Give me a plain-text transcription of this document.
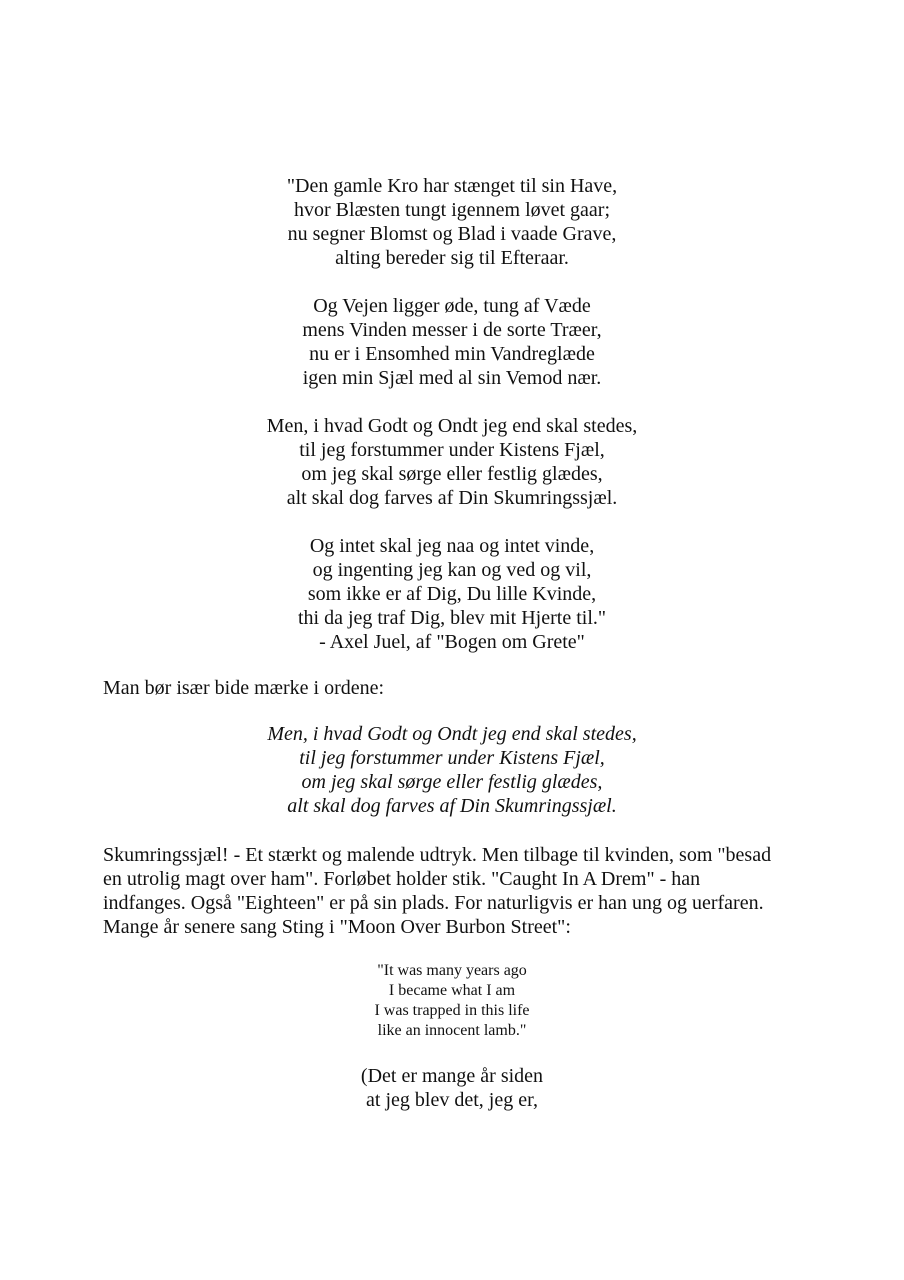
"Den gamle Kro har stænget til sin Have,
hvor Blæsten tungt igennem løvet gaar;
nu segner Blomst og Blad i vaade Grave,
alting bereder sig til Efteraar.
Og Vejen ligger øde, tung af Væde
mens Vinden messer i de sorte Træer,
nu er i Ensomhed min Vandreglæde
igen min Sjæl med al sin Vemod nær.
Men, i hvad Godt og Ondt jeg end skal stedes,
til jeg forstummer under Kistens Fjæl,
om jeg skal sørge eller festlig glædes,
alt skal dog farves af Din Skumringssjæl.
Og intet skal jeg naa og intet vinde,
og ingenting jeg kan og ved og vil,
som ikke er af Dig, Du lille Kvinde,
thi da jeg traf Dig, blev mit Hjerte til."
- Axel Juel, af "Bogen om Grete"

Man bør især bide mærke i ordene:

Men, i hvad Godt og Ondt jeg end skal stedes,
til jeg forstummer under Kistens Fjæl,
om jeg skal sørge eller festlig glædes,
alt skal dog farves af Din Skumringssjæl.
Skumringssjæl! - Et stærkt og malende udtryk. Men tilbage til kvinden, som "besad
en utrolig magt over ham". Forløbet holder stik. "Caught In A Drem" - han
indfanges. Også "Eighteen" er på sin plads. For naturligvis er han ung og uerfaren.
Mange år senere sang Sting i "Moon Over Burbon Street":
"It was many years ago
I became what I am
I was trapped in this life
like an innocent lamb."
(Det er mange år siden
at jeg blev det, jeg er,
